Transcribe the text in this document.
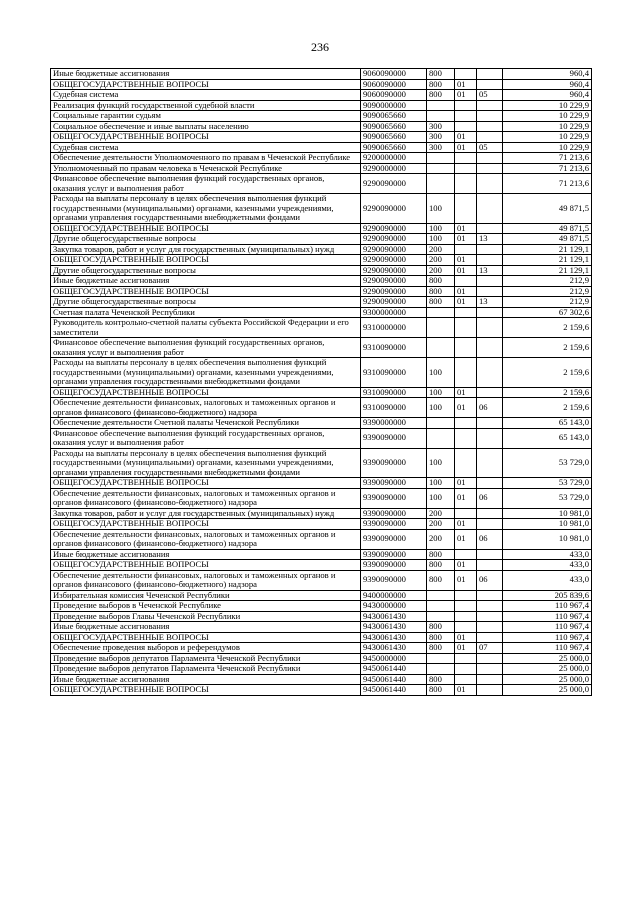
236
Иные бюджетные ассигнования	9060090000	800			960,4
ОБЩЕГОСУДАРСТВЕННЫЕ ВОПРОСЫ	9060090000	800	01		960,4
Судебная система	9060090000	800	01	05	960,4
Реализация функций государственной судебной власти	9090000000				10 229,9
Социальные гарантии судьям	9090065660				10 229,9
Социальное обеспечение и иные выплаты населению	9090065660	300			10 229,9
ОБЩЕГОСУДАРСТВЕННЫЕ ВОПРОСЫ	9090065660	300	01		10 229,9
Судебная система	9090065660	300	01	05	10 229,9
Обеспечение деятельности Уполномоченного по правам в Чеченской Республике	9200000000				71 213,6
Уполномоченный по правам человека в Чеченской Республике	9290000000				71 213,6
Финансовое обеспечение выполнения функций государственных органов, оказания услуг и выполнения работ	9290090000				71 213,6
Расходы на выплаты персоналу в целях обеспечения выполнения функций государственными (муниципальными) органами, казенными учреждениями, органами управления государственными внебюджетными фондами	9290090000	100			49 871,5
ОБЩЕГОСУДАРСТВЕННЫЕ ВОПРОСЫ	9290090000	100	01		49 871,5
Другие общегосударственные вопросы	9290090000	100	01	13	49 871,5
Закупка товаров, работ и услуг для государственных (муниципальных) нужд	9290090000	200			21 129,1
ОБЩЕГОСУДАРСТВЕННЫЕ ВОПРОСЫ	9290090000	200	01		21 129,1
Другие общегосударственные вопросы	9290090000	200	01	13	21 129,1
Иные бюджетные ассигнования	9290090000	800			212,9
ОБЩЕГОСУДАРСТВЕННЫЕ ВОПРОСЫ	9290090000	800	01		212,9
Другие общегосударственные вопросы	9290090000	800	01	13	212,9
Счетная палата Чеченской Республики	9300000000				67 302,6
Руководитель контрольно-счетной палаты субъекта Российской Федерации и его заместители	9310000000				2 159,6
Финансовое обеспечение выполнения функций государственных органов, оказания услуг и выполнения работ	9310090000				2 159,6
Расходы на выплаты персоналу в целях обеспечения выполнения функций государственными (муниципальными) органами, казенными учреждениями, органами управления государственными внебюджетными фондами	9310090000	100			2 159,6
ОБЩЕГОСУДАРСТВЕННЫЕ ВОПРОСЫ	9310090000	100	01		2 159,6
Обеспечение деятельности финансовых, налоговых и таможенных органов и органов финансового (финансово-бюджетного) надзора	9310090000	100	01	06	2 159,6
Обеспечение деятельности Счетной палаты Чеченской Республики	9390000000				65 143,0
Финансовое обеспечение выполнения функций государственных органов, оказания услуг и выполнения работ	9390090000				65 143,0
Расходы на выплаты персоналу в целях обеспечения выполнения функций государственными (муниципальными) органами, казенными учреждениями, органами управления государственными внебюджетными фондами	9390090000	100			53 729,0
ОБЩЕГОСУДАРСТВЕННЫЕ ВОПРОСЫ	9390090000	100	01		53 729,0
Обеспечение деятельности финансовых, налоговых и таможенных органов и органов финансового (финансово-бюджетного) надзора	9390090000	100	01	06	53 729,0
Закупка товаров, работ и услуг для государственных (муниципальных) нужд	9390090000	200			10 981,0
ОБЩЕГОСУДАРСТВЕННЫЕ ВОПРОСЫ	9390090000	200	01		10 981,0
Обеспечение деятельности финансовых, налоговых и таможенных органов и органов финансового (финансово-бюджетного) надзора	9390090000	200	01	06	10 981,0
Иные бюджетные ассигнования	9390090000	800			433,0
ОБЩЕГОСУДАРСТВЕННЫЕ ВОПРОСЫ	9390090000	800	01		433,0
Обеспечение деятельности финансовых, налоговых и таможенных органов и органов финансового (финансово-бюджетного) надзора	9390090000	800	01	06	433,0
Избирательная комиссия Чеченской Республики	9400000000				205 839,6
Проведение выборов в Чеченской Республике	9430000000				110 967,4
Проведение выборов Главы Чеченской Республики	9430061430				110 967,4
Иные бюджетные ассигнования	9430061430	800			110 967,4
ОБЩЕГОСУДАРСТВЕННЫЕ ВОПРОСЫ	9430061430	800	01		110 967,4
Обеспечение проведения выборов и референдумов	9430061430	800	01	07	110 967,4
Проведение выборов депутатов Парламента Чеченской Республики	9450000000				25 000,0
Проведение выборов депутатов Парламента Чеченской Республики	9450061440				25 000,0
Иные бюджетные ассигнования	9450061440	800			25 000,0
ОБЩЕГОСУДАРСТВЕННЫЕ ВОПРОСЫ	9450061440	800	01		25 000,0
